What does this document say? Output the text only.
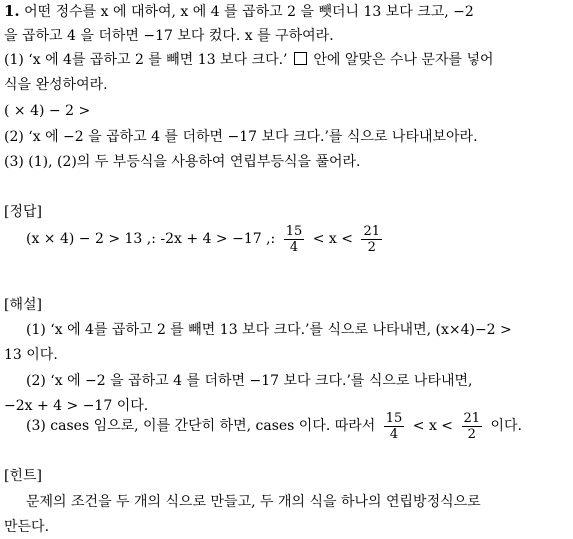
1. 어떤 정수를 x 에 대하여, x 에 4 를 곱하고 2 을 뺏더니 13 보다 크고, −2
을 곱하고 4 을 더하면 −17 보다 컸다. x 를 구하여라.
(1) ‘x 에 4를 곱하고 2 를 빼면 13 보다 크다.’ 안에 알맞은 수나 문자를 넣어
식을 완성하여라.
( × 4) − 2 >
(2) ‘x 에 −2 을 곱하고 4 를 더하면 −17 보다 크다.’를 식으로 나타내보아라.
(3) (1), (2)의 두 부등식을 사용하여 연립부등식을 풀어라.
[정답]
(x × 4) − 2 > 13 ,: -2x + 4 > −17 ,: $\frac{15}{4} < x < \frac{21}{2}$
[해설]
(1) ‘x 에 4를 곱하고 2 를 빼면 13 보다 크다.’를 식으로 나타내면, (x×4)−2 >
13 이다.
(2) ‘x 에 −2 을 곱하고 4 를 더하면 −17 보다 크다.’를 식으로 나타내면,
−2x + 4 > −17 이다.
(3) cases 임으로, 이를 간단히 하면, cases 이다. 따라서 $\frac{15}{4} < x < \frac{21}{2}$ 이다.
[힌트]
문제의 조건을 두 개의 식으로 만들고, 두 개의 식을 하나의 연립방정식으로
만든다.
